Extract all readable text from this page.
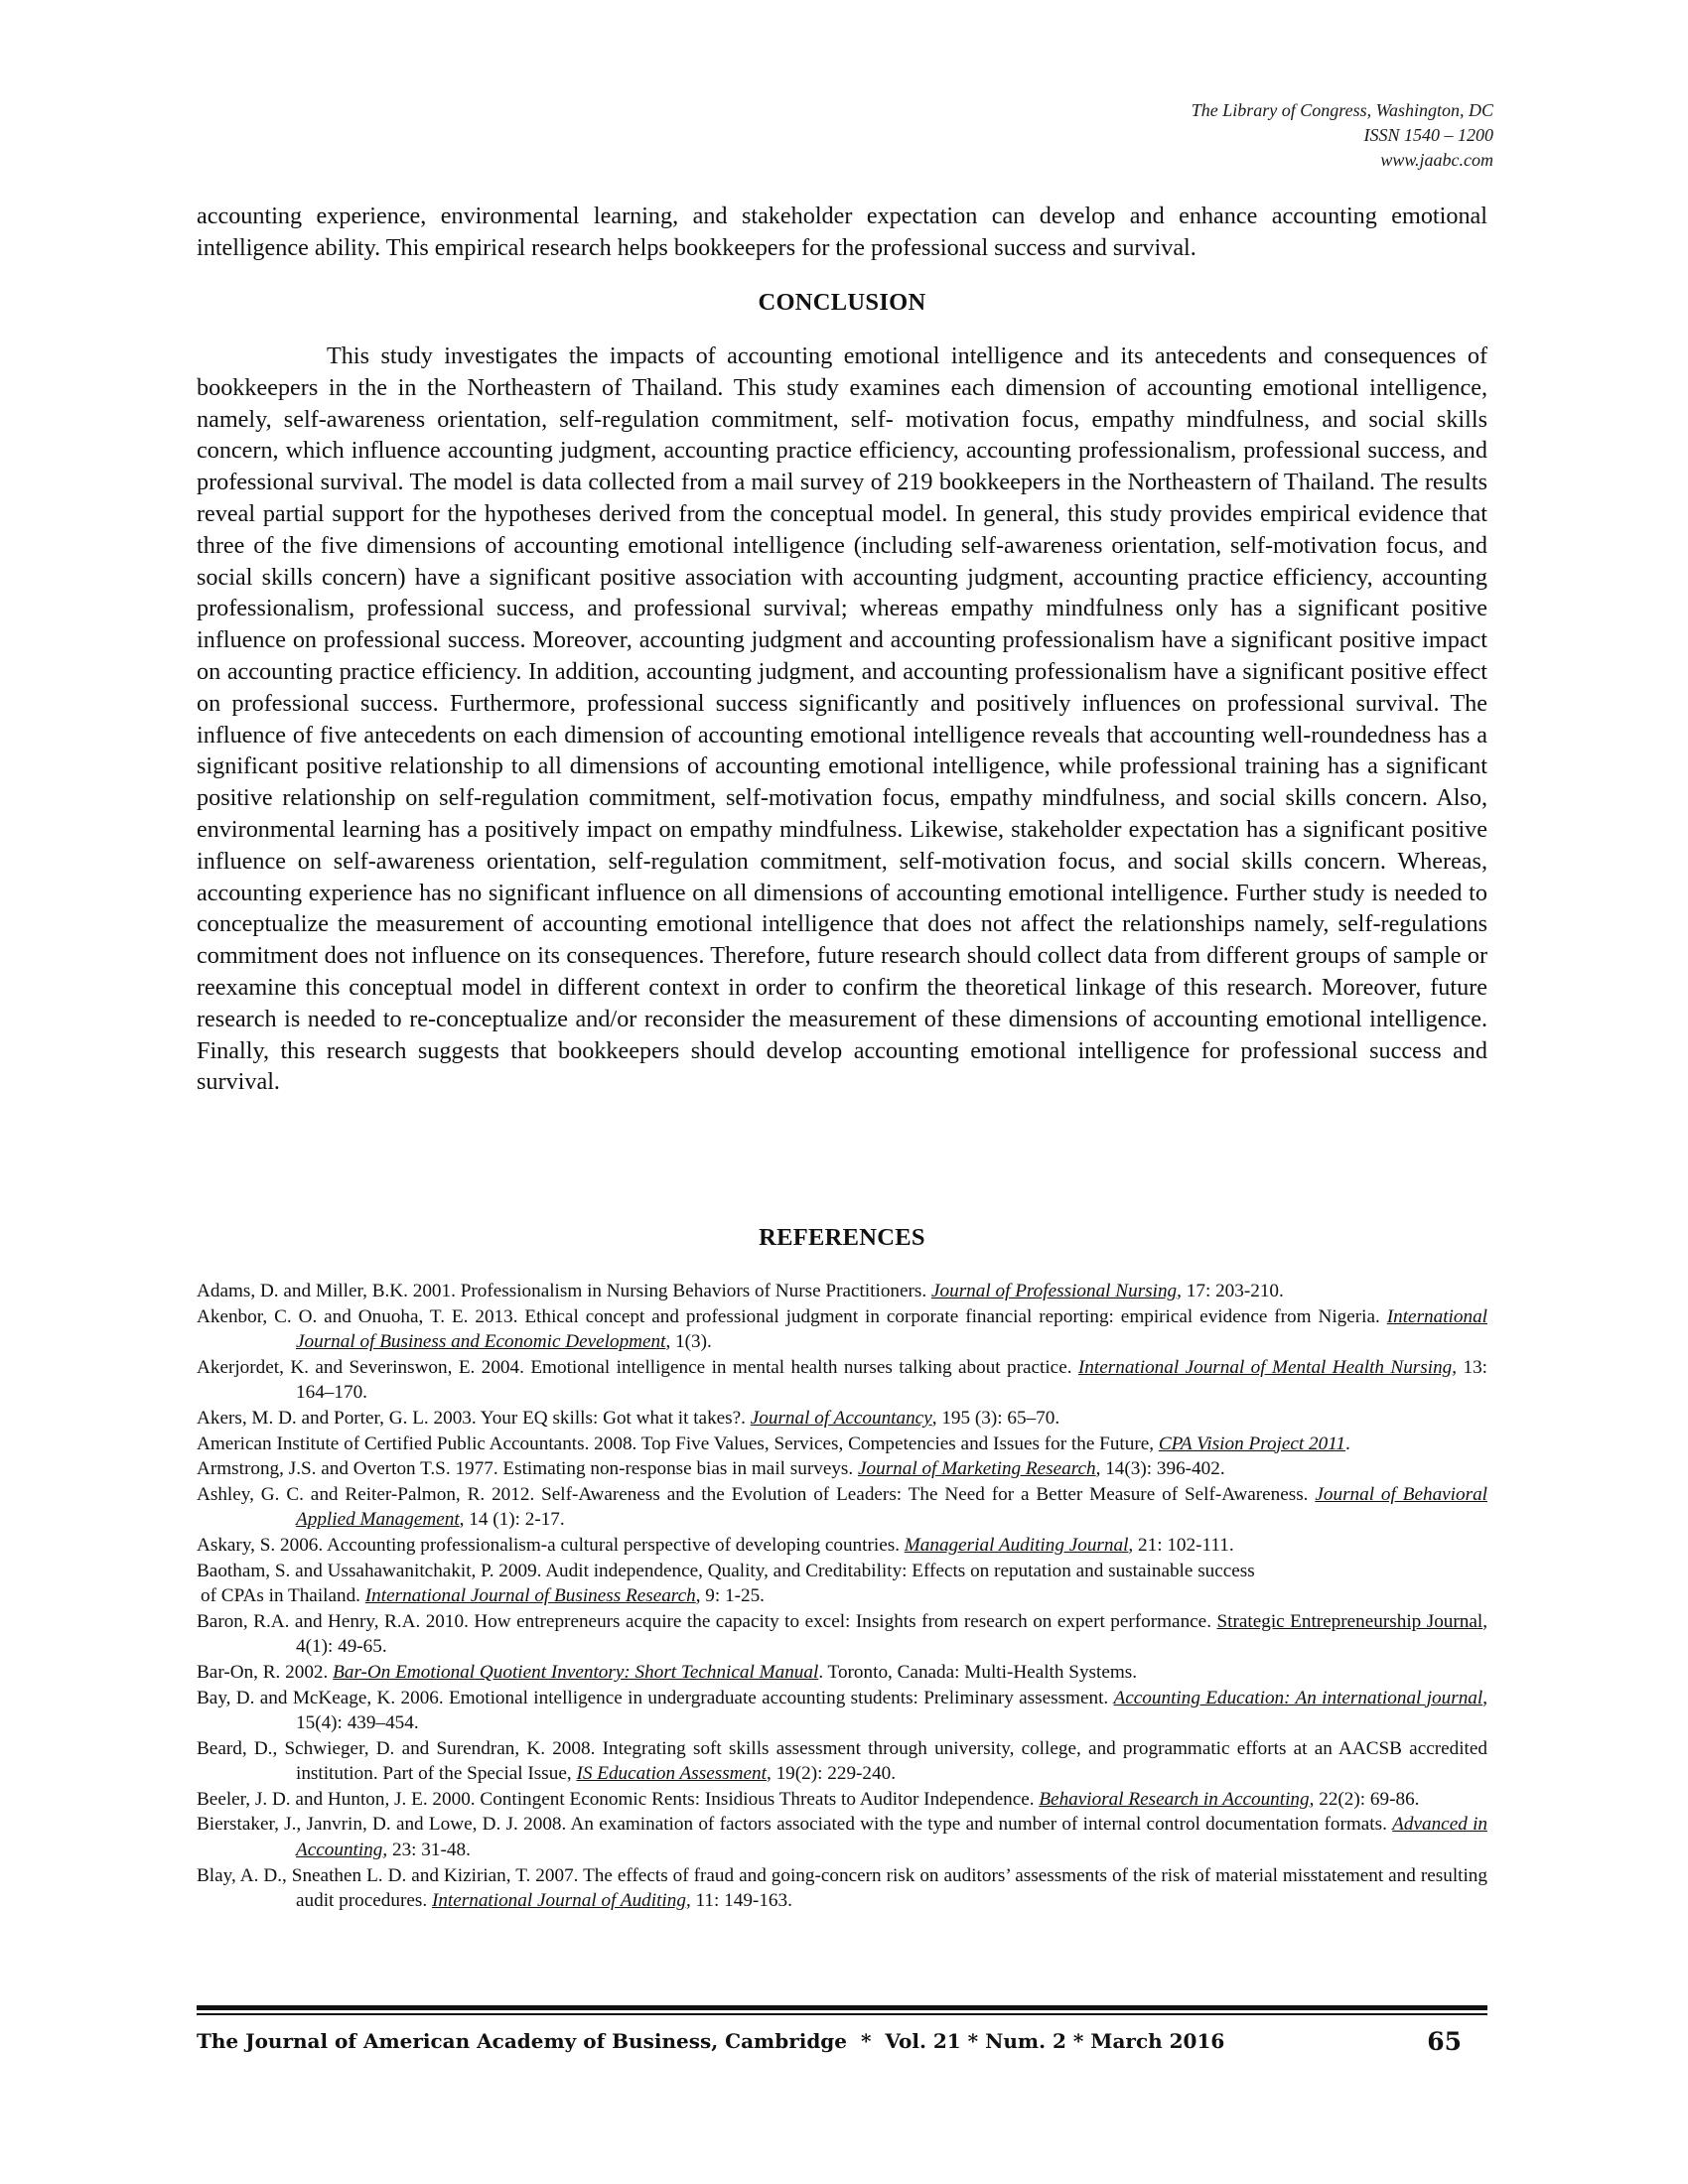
The Library of Congress, Washington, DC
ISSN 1540 – 1200
www.jaabc.com
accounting experience, environmental learning, and stakeholder expectation can develop and enhance accounting emotional intelligence ability. This empirical research helps bookkeepers for the professional success and survival.
CONCLUSION
This study investigates the impacts of accounting emotional intelligence and its antecedents and consequences of bookkeepers in the in the Northeastern of Thailand. This study examines each dimension of accounting emotional intelligence, namely, self-awareness orientation, self-regulation commitment, self- motivation focus, empathy mindfulness, and social skills concern, which influence accounting judgment, accounting practice efficiency, accounting professionalism, professional success, and professional survival. The model is data collected from a mail survey of 219 bookkeepers in the Northeastern of Thailand. The results reveal partial support for the hypotheses derived from the conceptual model. In general, this study provides empirical evidence that three of the five dimensions of accounting emotional intelligence (including self-awareness orientation, self-motivation focus, and social skills concern) have a significant positive association with accounting judgment, accounting practice efficiency, accounting professionalism, professional success, and professional survival; whereas empathy mindfulness only has a significant positive influence on professional success. Moreover, accounting judgment and accounting professionalism have a significant positive impact on accounting practice efficiency. In addition, accounting judgment, and accounting professionalism have a significant positive effect on professional success. Furthermore, professional success significantly and positively influences on professional survival. The influence of five antecedents on each dimension of accounting emotional intelligence reveals that accounting well-roundedness has a significant positive relationship to all dimensions of accounting emotional intelligence, while professional training has a significant positive relationship on self-regulation commitment, self-motivation focus, empathy mindfulness, and social skills concern. Also, environmental learning has a positively impact on empathy mindfulness. Likewise, stakeholder expectation has a significant positive influence on self-awareness orientation, self-regulation commitment, self-motivation focus, and social skills concern. Whereas, accounting experience has no significant influence on all dimensions of accounting emotional intelligence. Further study is needed to conceptualize the measurement of accounting emotional intelligence that does not affect the relationships namely, self-regulations commitment does not influence on its consequences. Therefore, future research should collect data from different groups of sample or reexamine this conceptual model in different context in order to confirm the theoretical linkage of this research. Moreover, future research is needed to re-conceptualize and/or reconsider the measurement of these dimensions of accounting emotional intelligence. Finally, this research suggests that bookkeepers should develop accounting emotional intelligence for professional success and survival.
REFERENCES

Adams, D. and Miller, B.K. 2001. Professionalism in Nursing Behaviors of Nurse Practitioners. Journal of Professional Nursing, 17: 203-210.

Akenbor, C. O. and Onuoha, T. E. 2013. Ethical concept and professional judgment in corporate financial reporting: empirical evidence from Nigeria. International Journal of Business and Economic Development, 1(3).

Akerjordet, K. and Severinswon, E. 2004. Emotional intelligence in mental health nurses talking about practice. International Journal of Mental Health Nursing, 13: 164–170.

Akers, M. D. and Porter, G. L. 2003. Your EQ skills: Got what it takes?. Journal of Accountancy, 195 (3): 65–70.

American Institute of Certified Public Accountants. 2008. Top Five Values, Services, Competencies and Issues for the Future, CPA Vision Project 2011.

Armstrong, J.S. and Overton T.S. 1977. Estimating non-response bias in mail surveys. Journal of Marketing Research, 14(3): 396-402.

Ashley, G. C. and Reiter-Palmon, R. 2012. Self-Awareness and the Evolution of Leaders: The Need for a Better Measure of Self-Awareness. Journal of Behavioral Applied Management, 14 (1): 2-17.

Askary, S. 2006. Accounting professionalism-a cultural perspective of developing countries. Managerial Auditing Journal, 21: 102-111.

Baotham, S. and Ussahawanitchakit, P. 2009. Audit independence, Quality, and Creditability: Effects on reputation and sustainable success

of CPAs in Thailand. International Journal of Business Research, 9: 1-25.

Baron, R.A. and Henry, R.A. 2010. How entrepreneurs acquire the capacity to excel: Insights from research on expert performance. Strategic Entrepreneurship Journal, 4(1): 49-65.

Bar-On, R. 2002. Bar-On Emotional Quotient Inventory: Short Technical Manual. Toronto, Canada: Multi-Health Systems.

Bay, D. and McKeage, K. 2006. Emotional intelligence in undergraduate accounting students: Preliminary assessment. Accounting Education: An international journal, 15(4): 439–454.

Beard, D., Schwieger, D. and Surendran, K. 2008. Integrating soft skills assessment through university, college, and programmatic efforts at an AACSB accredited institution. Part of the Special Issue, IS Education Assessment, 19(2): 229-240.

Beeler, J. D. and Hunton, J. E. 2000. Contingent Economic Rents: Insidious Threats to Auditor Independence. Behavioral Research in Accounting, 22(2): 69-86.

Bierstaker, J., Janvrin, D. and Lowe, D. J. 2008. An examination of factors associated with the type and number of internal control documentation formats. Advanced in Accounting, 23: 31-48.

Blay, A. D., Sneathen L. D. and Kizirian, T. 2007. The effects of fraud and going-concern risk on auditors’ assessments of the risk of material misstatement and resulting audit procedures. International Journal of Auditing, 11: 149-163.

The Journal of American Academy of Business, Cambridge  *  Vol. 21 * Num. 2 * March 2016	65
